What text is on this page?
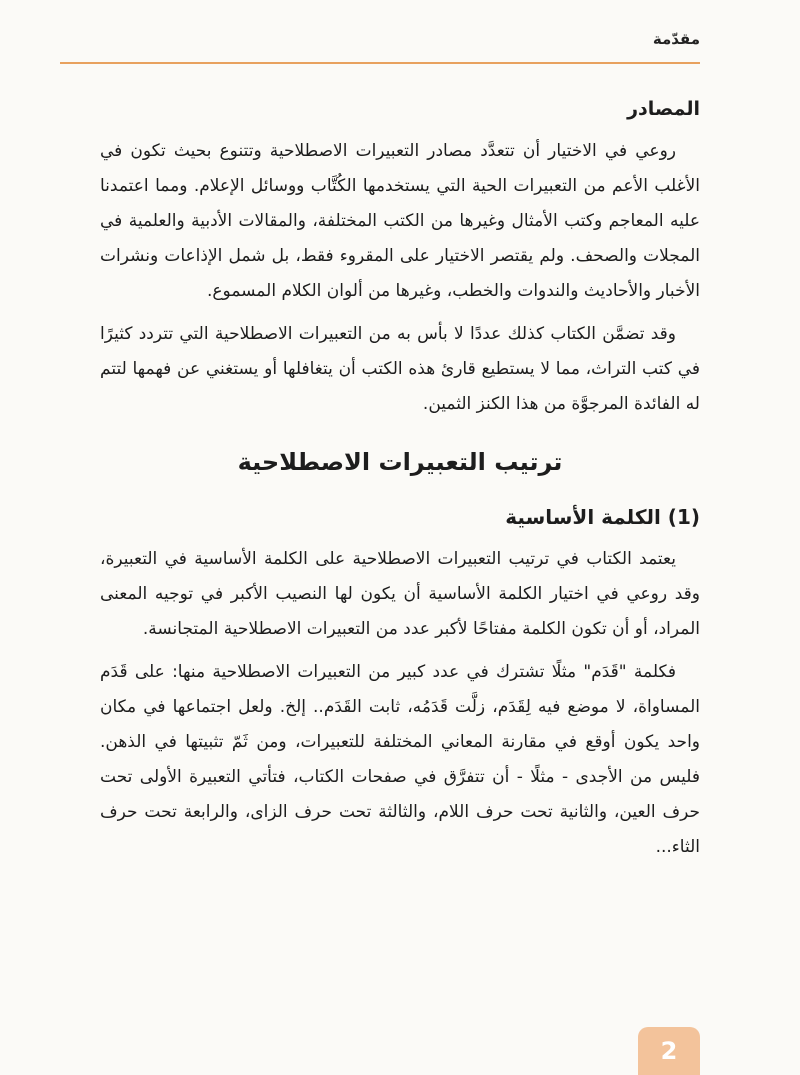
مقدّمة
المصادر

روعي في الاختيار أن تتعدَّد مصادر التعبيرات الاصطلاحية وتتنوع بحيث تكون في الأغلب الأعم من التعبيرات الحية التي يستخدمها الكُتَّاب ووسائل الإعلام. ومما اعتمدنا عليه المعاجم وكتب الأمثال وغيرها من الكتب المختلفة، والمقالات الأدبية والعلمية في المجلات والصحف. ولم يقتصر الاختيار على المقروء فقط، بل شمل الإذاعات ونشرات الأخبار والأحاديث والندوات والخطب، وغيرها من ألوان الكلام المسموع.

وقد تضمَّن الكتاب كذلك عددًا لا بأس به من التعبيرات الاصطلاحية التي تتردد كثيرًا في كتب التراث، مما لا يستطيع قارئ هذه الكتب أن يتغافلها أو يستغني عن فهمها لتتم له الفائدة المرجوَّة من هذا الكنز الثمين.

ترتيب التعبيرات الاصطلاحية
(1) الكلمة الأساسية

يعتمد الكتاب في ترتيب التعبيرات الاصطلاحية على الكلمة الأساسية في التعبيرة، وقد روعي في اختيار الكلمة الأساسية أن يكون لها النصيب الأكبر في توجيه المعنى المراد، أو أن تكون الكلمة مفتاحًا لأكبر عدد من التعبيرات الاصطلاحية المتجانسة.

فكلمة "قَدَم" مثلًا تشترك في عدد كبير من التعبيرات الاصطلاحية منها: على قَدَم المساواة، لا موضع فيه لِقَدَم، زلَّت قَدَمُه، ثابت القَدَم.. إلخ. ولعل اجتماعها في مكان واحد يكون أوقع في مقارنة المعاني المختلفة للتعبيرات، ومن ثَمّ تثبيتها في الذهن. فليس من الأجدى - مثلًا - أن تتفرَّق في صفحات الكتاب، فتأتي التعبيرة الأولى تحت حرف العين، والثانية تحت حرف اللام، والثالثة تحت حرف الزاى، والرابعة تحت حرف الثاء...

2
